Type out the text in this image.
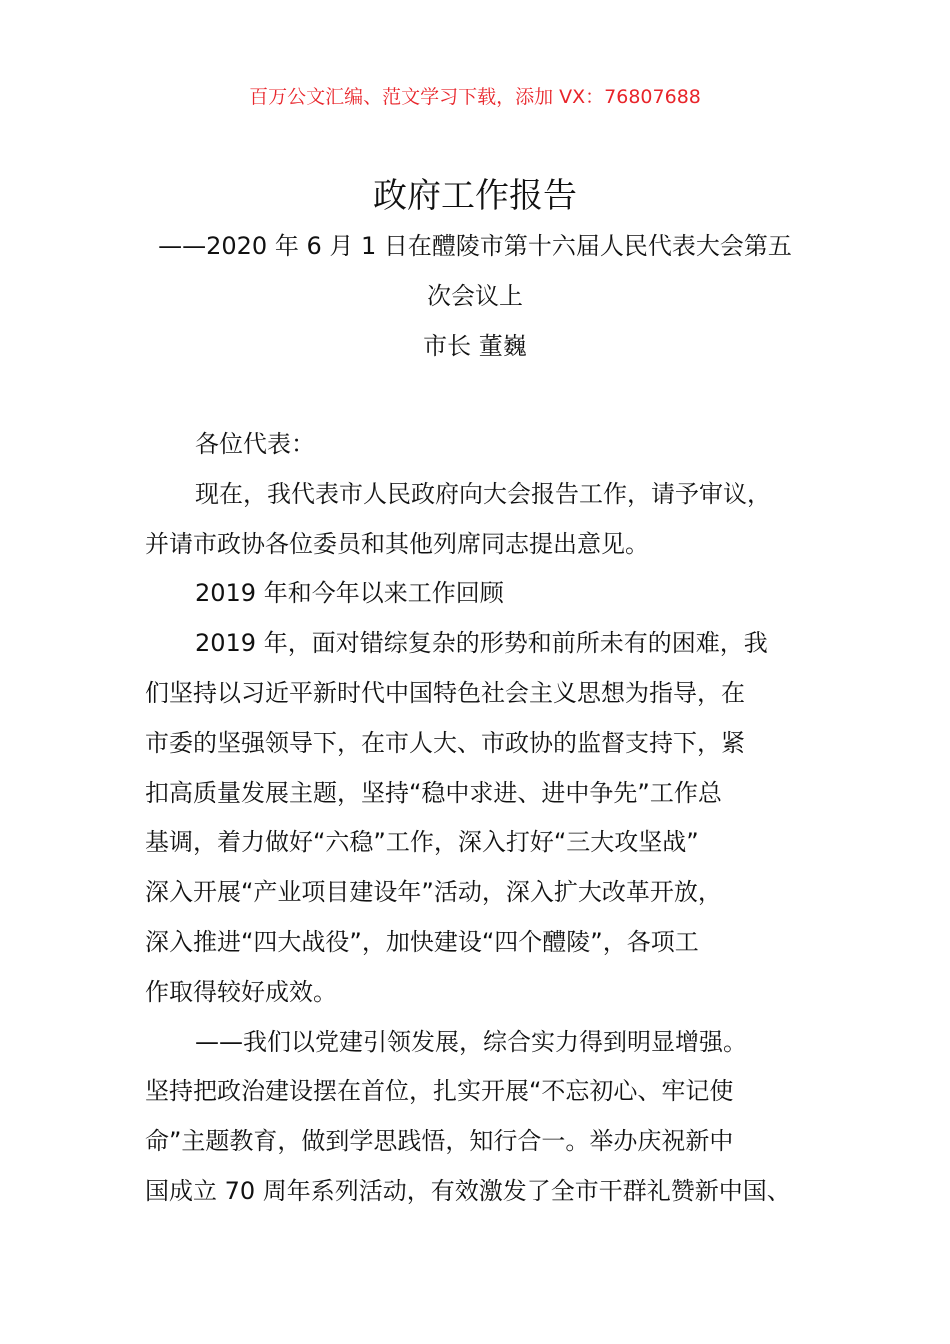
百万公文汇编、范文学习下载，添加 VX：76807688
政府工作报告
——2020 年 6 月 1 日在醴陵市第十六届人民代表大会第五
次会议上
市长 董巍
各位代表：
现在，我代表市人民政府向大会报告工作，请予审议，
并请市政协各位委员和其他列席同志提出意见。
2019 年和今年以来工作回顾
2019 年，面对错综复杂的形势和前所未有的困难，我
们坚持以习近平新时代中国特色社会主义思想为指导，在
市委的坚强领导下，在市人大、市政协的监督支持下，紧
扣高质量发展主题，坚持“稳中求进、进中争先”工作总
基调，着力做好“六稳”工作，深入打好“三大攻坚战”
深入开展“产业项目建设年”活动，深入扩大改革开放，
深入推进“四大战役”，加快建设“四个醴陵”，各项工
作取得较好成效。
——我们以党建引领发展，综合实力得到明显增强。
坚持把政治建设摆在首位，扎实开展“不忘初心、牢记使
命”主题教育，做到学思践悟，知行合一。举办庆祝新中
国成立 70 周年系列活动，有效激发了全市干群礼赞新中国、
